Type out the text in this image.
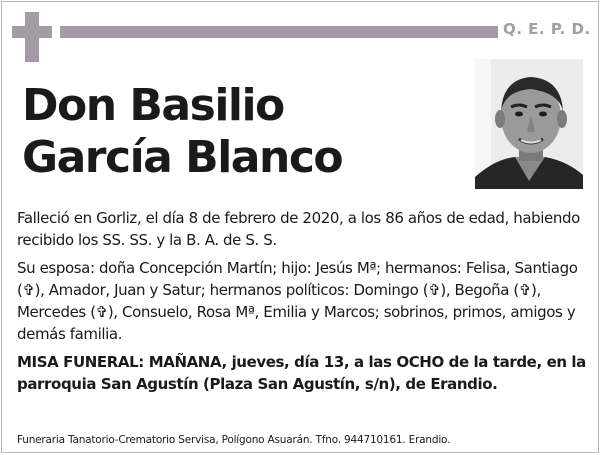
Q. E. P. D.
Don Basilio
García Blanco

Falleció en Gorliz, el día 8 de febrero de 2020, a los 86 años de edad, habiendo recibido los SS. SS. y la B. A. de S. S.

Su esposa: doña Concepción Martín; hijo: Jesús Mª; hermanos: Felisa, Santiago (✞), Amador, Juan y Satur; hermanos políticos: Domingo (✞), Begoña (✞), Mercedes (✞), Consuelo, Rosa Mª, Emilia y Marcos; sobrinos, primos, amigos y demás familia.

MISA FUNERAL: MAÑANA, jueves, día 13, a las OCHO de la tarde, en la parroquia San Agustín (Plaza San Agustín, s/n), de Erandio.

Funeraria Tanatorio-Crematorio Servisa, Polígono Asuarán. Tfno. 944710161. Erandio.
